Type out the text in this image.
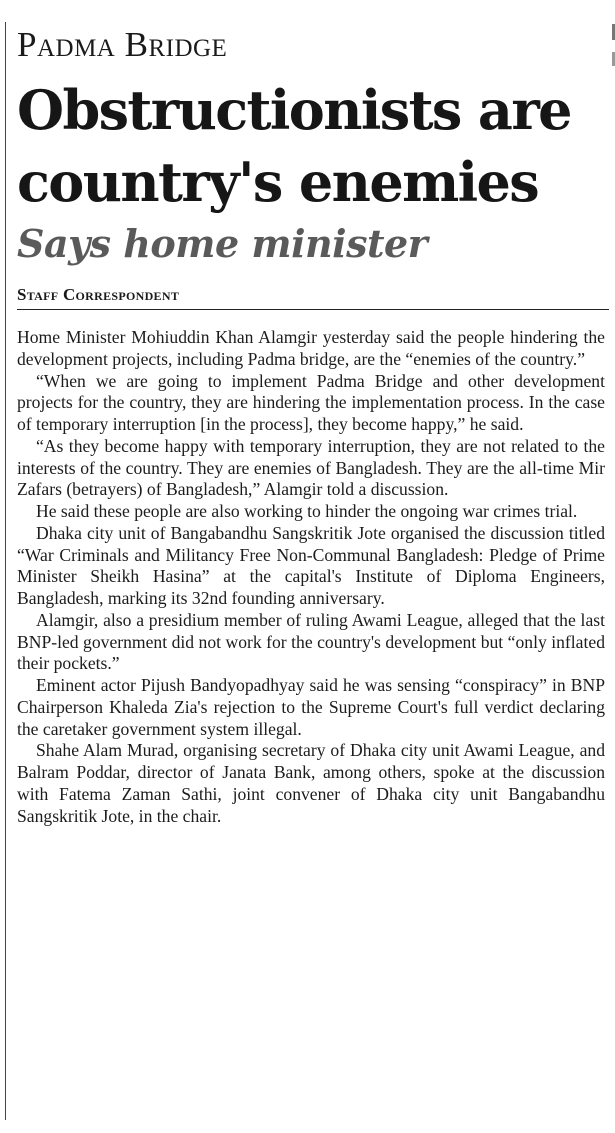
Padma Bridge
Obstructionists are
country's enemies
Says home minister
Staff Correspondent

Home Minister Mohiuddin Khan Alamgir yesterday said the people hindering the development projects, including Padma bridge, are the “enemies of the country.”

“When we are going to implement Padma Bridge and other development projects for the country, they are hindering the implementation process. In the case of temporary interruption [in the process], they become happy,” he said.

“As they become happy with temporary interruption, they are not related to the interests of the country. They are enemies of Bangladesh. They are the all-time Mir Zafars (betrayers) of Bangladesh,” Alamgir told a discussion.

He said these people are also working to hinder the ongoing war crimes trial.

Dhaka city unit of Bangabandhu Sangskritik Jote organised the discussion titled “War Criminals and Militancy Free Non-Communal Bangladesh: Pledge of Prime Minister Sheikh Hasina” at the capital's Institute of Diploma Engineers, Bangladesh, marking its 32nd founding anniversary.

Alamgir, also a presidium member of ruling Awami League, alleged that the last BNP-led government did not work for the country's development but “only inflated their pockets.”

Eminent actor Pijush Bandyopadhyay said he was sensing “conspiracy” in BNP Chairperson Khaleda Zia's rejection to the Supreme Court's full verdict declaring the caretaker government system illegal.

Shahe Alam Murad, organising secretary of Dhaka city unit Awami League, and Balram Poddar, director of Janata Bank, among others, spoke at the discussion with Fatema Zaman Sathi, joint convener of Dhaka city unit Bangabandhu Sangskritik Jote, in the chair.
